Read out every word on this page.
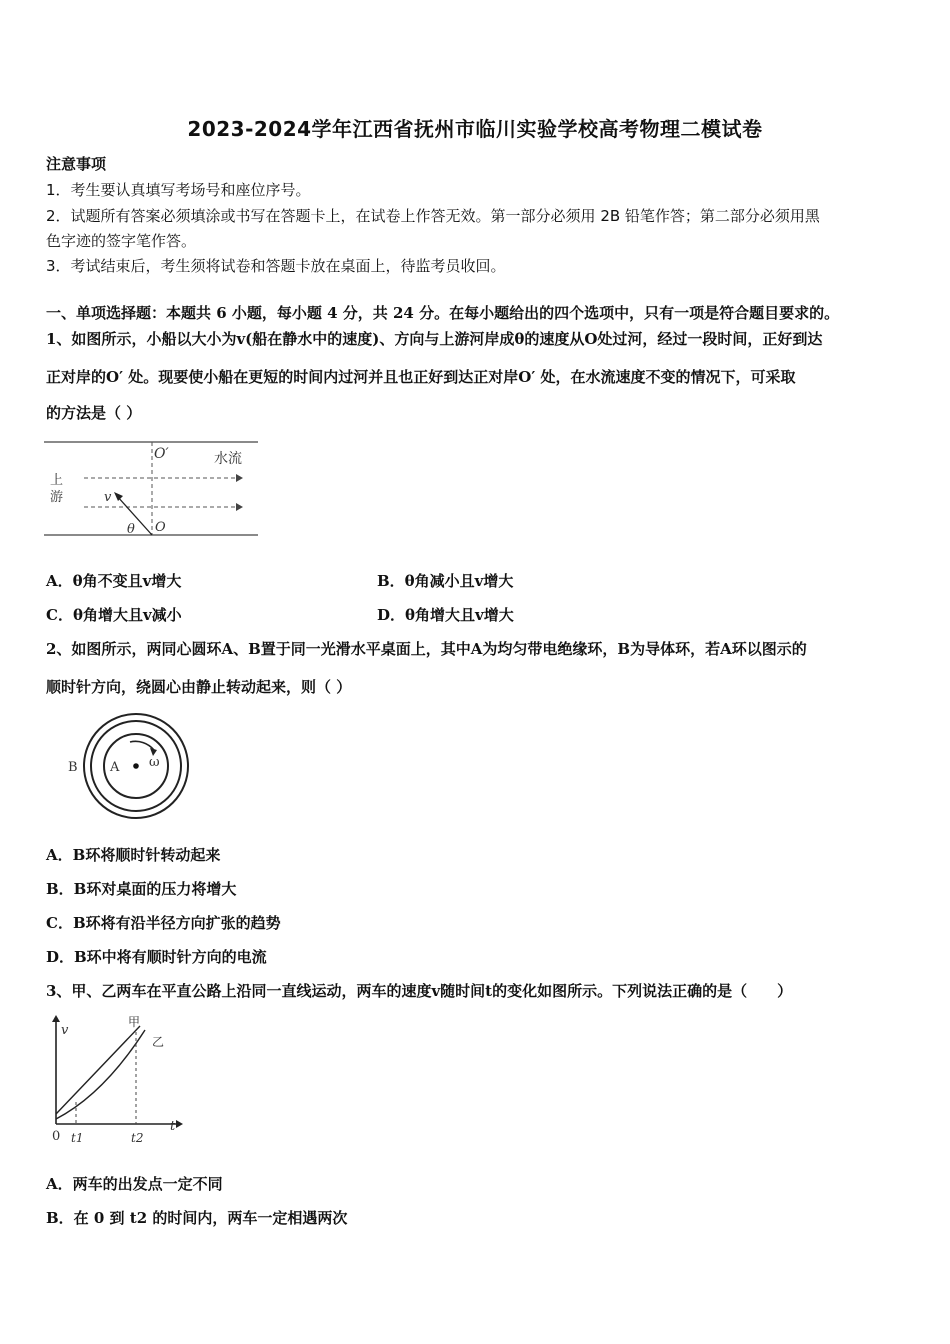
2023-2024学年江西省抚州市临川实验学校高考物理二模试卷
注意事项
1．考生要认真填写考场号和座位序号。
2．试题所有答案必须填涂或书写在答题卡上，在试卷上作答无效。第一部分必须用 2B 铅笔作答；第二部分必须用黑
色字迹的签字笔作答。
3．考试结束后，考生须将试卷和答题卡放在桌面上，待监考员收回。
一、单项选择题：本题共 6 小题，每小题 4 分，共 24 分。在每小题给出的四个选项中，只有一项是符合题目要求的。
1、如图所示，小船以大小为v(船在静水中的速度)、方向与上游河岸成θ的速度从O处过河，经过一段时间，正好到达
正对岸的O′ 处。现要使小船在更短的时间内过河并且也正好到达正对岸O′ 处，在水流速度不变的情况下，可采取
的方法是（ ）
O′	水流
上
游	v
θ O
A．θ角不变且v增大	B．θ角减小且v增大
C．θ角增大且v减小	D．θ角增大且v增大
2、如图所示，两同心圆环A、B置于同一光滑水平桌面上，其中A为均匀带电绝缘环，B为导体环，若A环以图示的
顺时针方向，绕圆心由静止转动起来，则（ ）
B A ω
A．B环将顺时针转动起来
B．B环对桌面的压力将增大
C．B环将有沿半径方向扩张的趋势
D．B环中将有顺时针方向的电流
3、甲、乙两车在平直公路上沿同一直线运动，两车的速度v随时间t的变化如图所示。下列说法正确的是（　　）
v
甲
乙
0 t1	t2
t
A．两车的出发点一定不同
B．在 0 到 t2 的时间内，两车一定相遇两次
